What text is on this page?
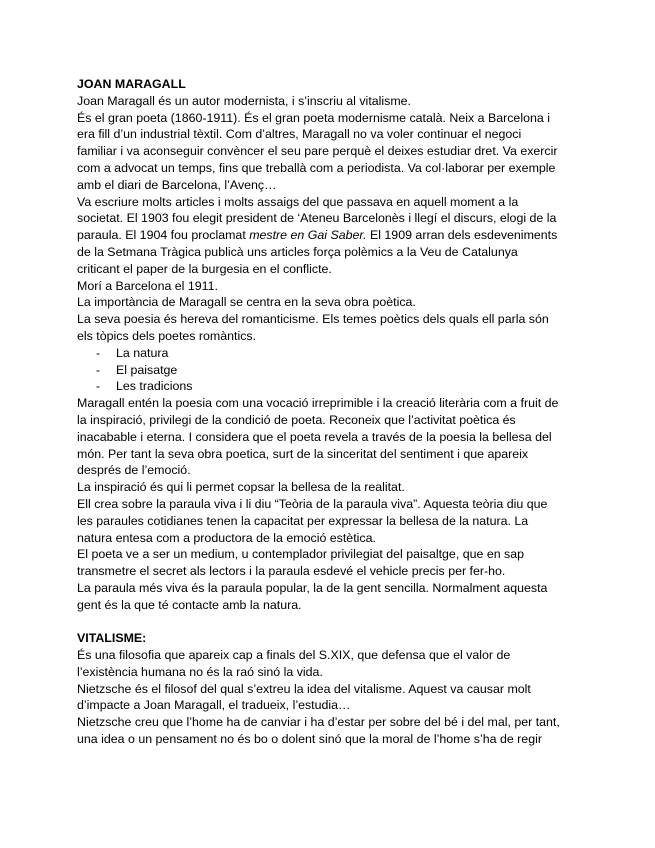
JOAN MARAGALL

Joan Maragall és un autor modernista, i s’inscriu al vitalisme.

És el gran poeta (1860-1911). És el gran poeta modernisme català. Neix a Barcelona i

era fill d’un industrial tèxtil. Com d’altres, Maragall no va voler continuar el negoci

familiar i va aconseguir convèncer el seu pare perquè el deixes estudiar dret. Va exercir

com a advocat un temps, fins que treballà com a periodista. Va col·laborar per exemple

amb el diari de Barcelona, l’Avenç…

Va escriure molts articles i molts assaigs del que passava en aquell moment a la

societat. El 1903 fou elegit president de ‘Ateneu Barcelonès i llegí el discurs, elogi de la

paraula. El 1904 fou proclamat mestre en Gai Saber. El 1909 arran dels esdeveniments

de la Setmana Tràgica publicà uns articles força polèmics a la Veu de Catalunya

criticant el paper de la burgesia en el conflicte.

Morí a Barcelona el 1911.

La importància de Maragall se centra en la seva obra poètica.

La seva poesia és hereva del romanticisme. Els temes poètics dels quals ell parla són

els tòpics dels poetes romàntics.

- La natura
- El paisatge
- Les tradicions

Maragall entén la poesia com una vocació irreprimible i la creació literària com a fruit de

la inspiració, privilegi de la condició de poeta. Reconeix que l’activitat poètica és

inacabable i eterna. I considera que el poeta revela a través de la poesia la bellesa del

món. Per tant la seva obra poetica, surt de la sinceritat del sentiment i que apareix

després de l’emoció.

La inspiració és qui li permet copsar la bellesa de la realitat.

Ell crea sobre la paraula viva i li diu “Teòria de la paraula viva”. Aquesta teòria diu que

les paraules cotidianes tenen la capacitat per expressar la bellesa de la natura. La

natura entesa com a productora de la emoció estètica.

El poeta ve a ser un medium, u contemplador privilegiat del paisaltge, que en sap

transmetre el secret als lectors i la paraula esdevé el vehicle precis per fer-ho.

La paraula més viva és la paraula popular, la de la gent sencilla. Normalment aquesta

gent és la que té contacte amb la natura.

VITALISME:

És una filosofia que apareix cap a finals del S.XIX, que defensa que el valor de

l’existència humana no és la raó sinó la vida.

Nietzsche és el filosof del qual s’extreu la idea del vitalisme. Aquest va causar molt

d’impacte a Joan Maragall, el tradueix, l’estudia…

Nietzsche creu que l’home ha de canviar i ha d’estar per sobre del bé i del mal, per tant,

una idea o un pensament no és bo o dolent sinó que la moral de l’home s’ha de regir
